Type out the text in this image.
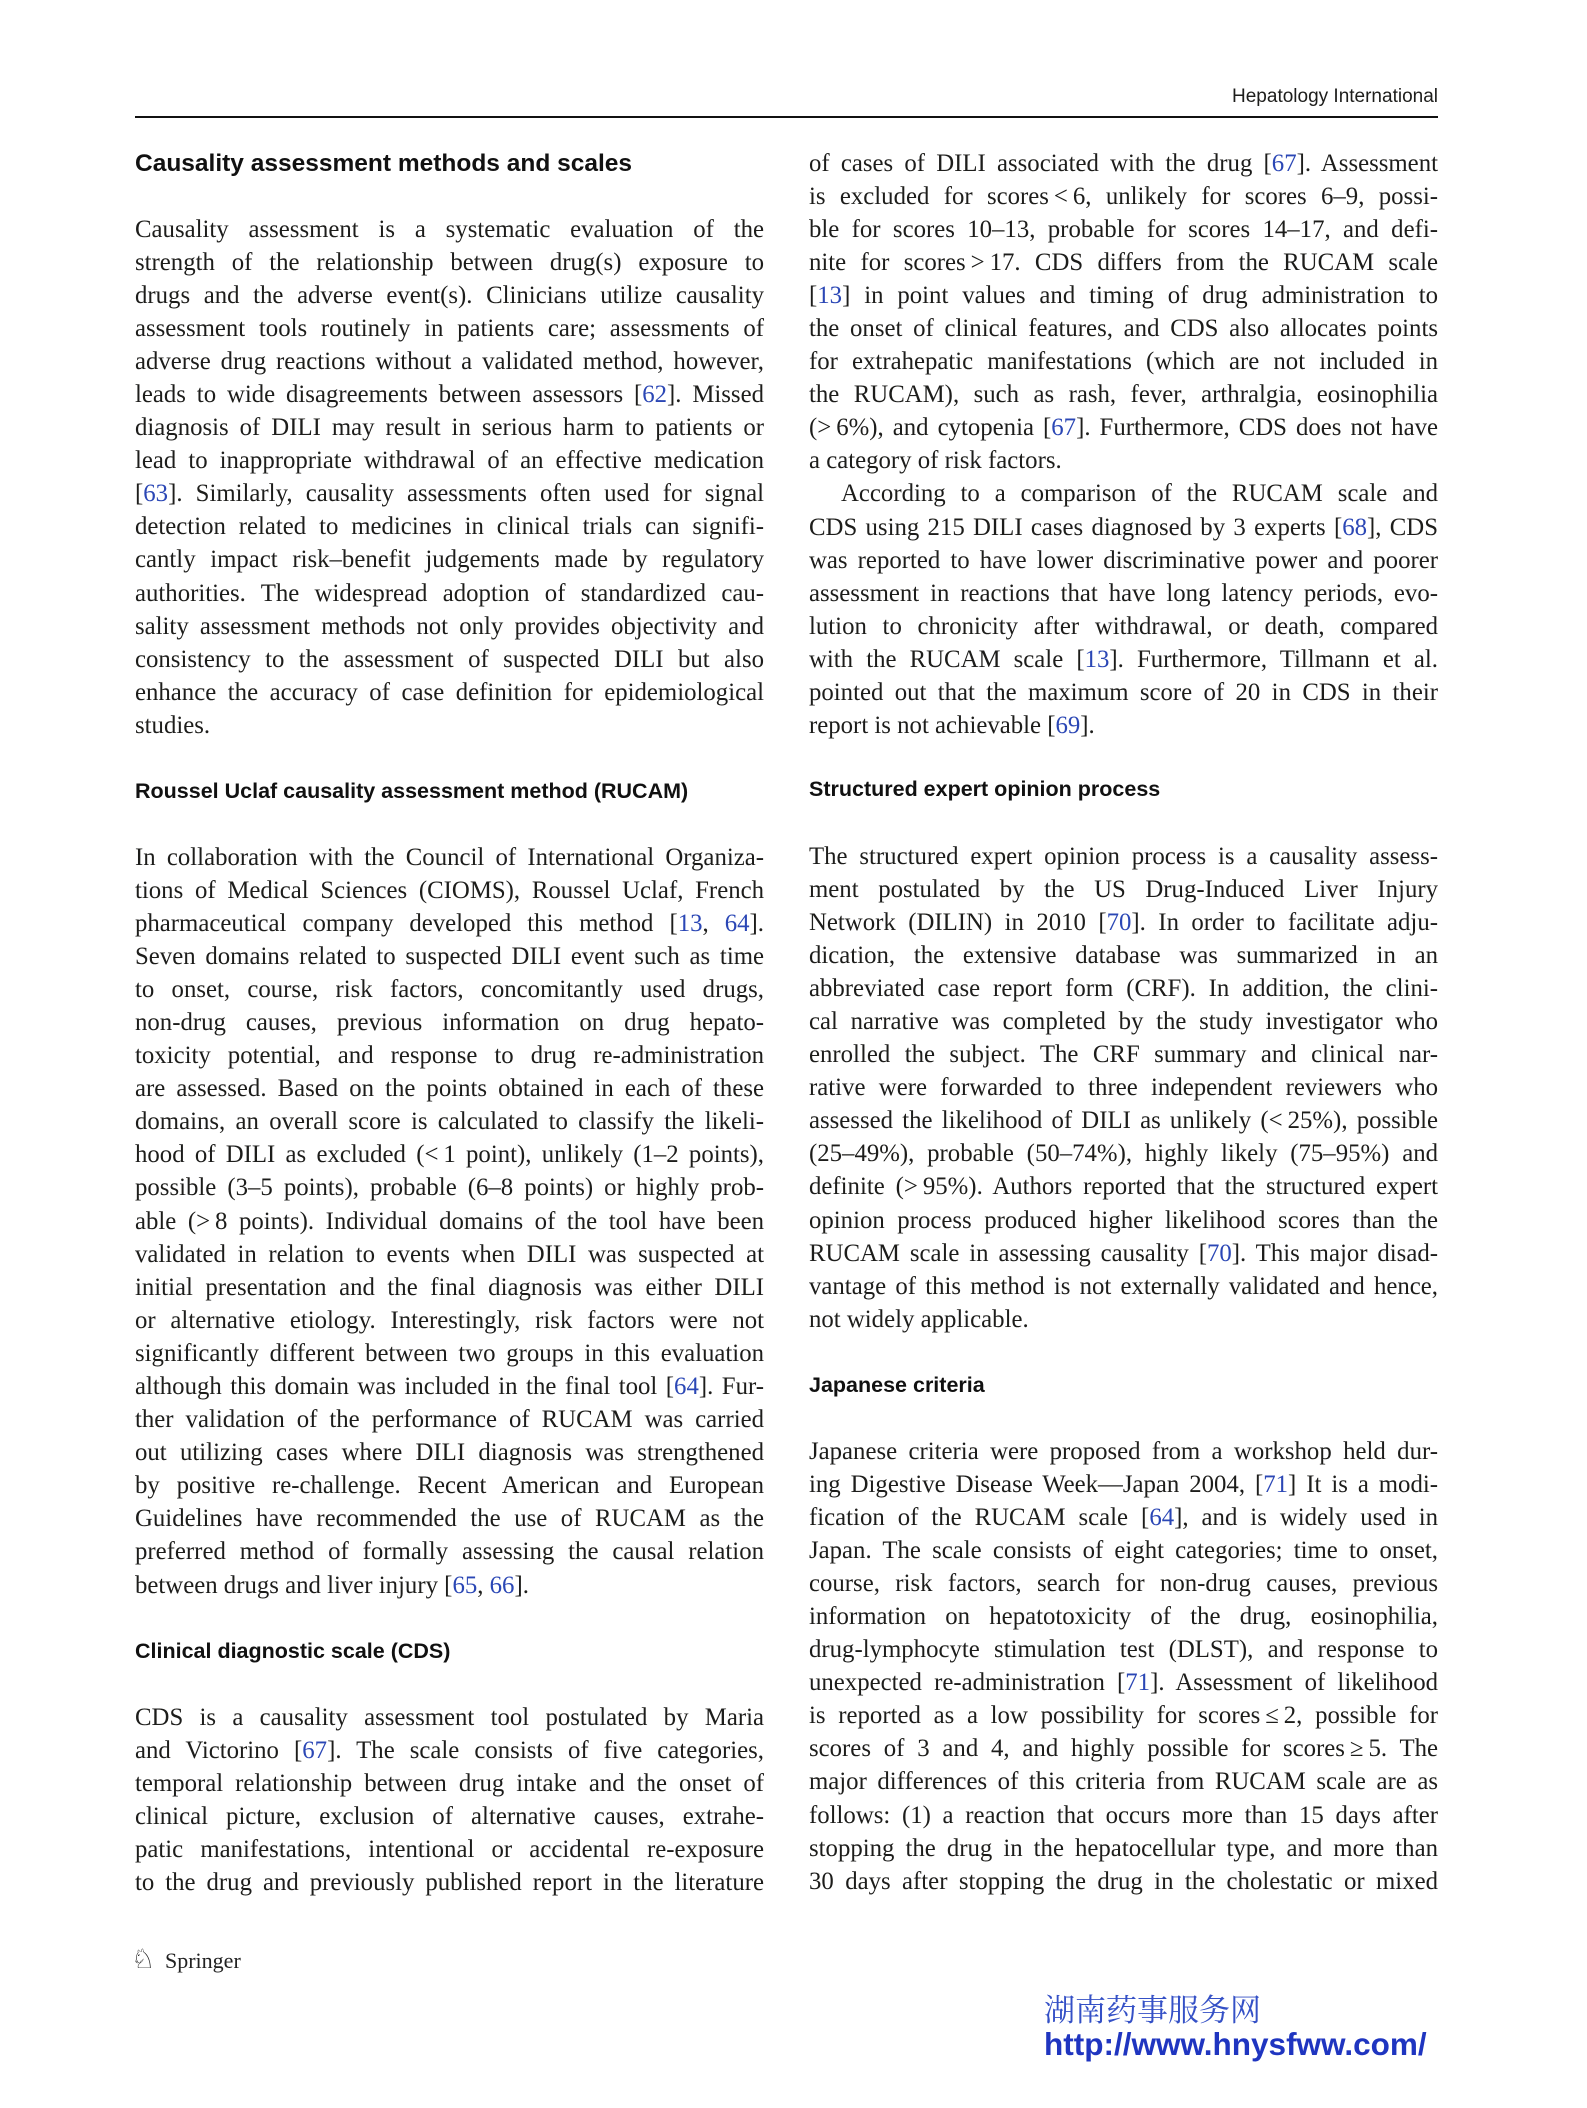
Hepatology International
Causality assessment methods and scales
Causality assessment is a systematic evaluation of the
strength of the relationship between drug(s) exposure to
drugs and the adverse event(s). Clinicians utilize causality
assessment tools routinely in patients care; assessments of
adverse drug reactions without a validated method, however,
leads to wide disagreements between assessors [62]. Missed
diagnosis of DILI may result in serious harm to patients or
lead to inappropriate withdrawal of an effective medication
[63]. Similarly, causality assessments often used for signal
detection related to medicines in clinical trials can signifi-
cantly impact risk–benefit judgements made by regulatory
authorities. The widespread adoption of standardized cau-
sality assessment methods not only provides objectivity and
consistency to the assessment of suspected DILI but also
enhance the accuracy of case definition for epidemiological
studies.
Roussel Uclaf causality assessment method (RUCAM)
In collaboration with the Council of International Organiza-
tions of Medical Sciences (CIOMS), Roussel Uclaf, French
pharmaceutical company developed this method [13, 64].
Seven domains related to suspected DILI event such as time
to onset, course, risk factors, concomitantly used drugs,
non-drug causes, previous information on drug hepato-
toxicity potential, and response to drug re-administration
are assessed. Based on the points obtained in each of these
domains, an overall score is calculated to classify the likeli-
hood of DILI as excluded (< 1 point), unlikely (1–2 points),
possible (3–5 points), probable (6–8 points) or highly prob-
able (> 8 points). Individual domains of the tool have been
validated in relation to events when DILI was suspected at
initial presentation and the final diagnosis was either DILI
or alternative etiology. Interestingly, risk factors were not
significantly different between two groups in this evaluation
although this domain was included in the final tool [64]. Fur-
ther validation of the performance of RUCAM was carried
out utilizing cases where DILI diagnosis was strengthened
by positive re-challenge. Recent American and European
Guidelines have recommended the use of RUCAM as the
preferred method of formally assessing the causal relation
between drugs and liver injury [65, 66].
Clinical diagnostic scale (CDS)
CDS is a causality assessment tool postulated by Maria
and Victorino [67]. The scale consists of five categories,
temporal relationship between drug intake and the onset of
clinical picture, exclusion of alternative causes, extrahe-
patic manifestations, intentional or accidental re-exposure
to the drug and previously published report in the literature
of cases of DILI associated with the drug [67]. Assessment
is excluded for scores < 6, unlikely for scores 6–9, possi-
ble for scores 10–13, probable for scores 14–17, and defi-
nite for scores > 17. CDS differs from the RUCAM scale
[13] in point values and timing of drug administration to
the onset of clinical features, and CDS also allocates points
for extrahepatic manifestations (which are not included in
the RUCAM), such as rash, fever, arthralgia, eosinophilia
(> 6%), and cytopenia [67]. Furthermore, CDS does not have
a category of risk factors.
According to a comparison of the RUCAM scale and
CDS using 215 DILI cases diagnosed by 3 experts [68], CDS
was reported to have lower discriminative power and poorer
assessment in reactions that have long latency periods, evo-
lution to chronicity after withdrawal, or death, compared
with the RUCAM scale [13]. Furthermore, Tillmann et al.
pointed out that the maximum score of 20 in CDS in their
report is not achievable [69].
Structured expert opinion process
The structured expert opinion process is a causality assess-
ment postulated by the US Drug-Induced Liver Injury
Network (DILIN) in 2010 [70]. In order to facilitate adju-
dication, the extensive database was summarized in an
abbreviated case report form (CRF). In addition, the clini-
cal narrative was completed by the study investigator who
enrolled the subject. The CRF summary and clinical nar-
rative were forwarded to three independent reviewers who
assessed the likelihood of DILI as unlikely (< 25%), possible
(25–49%), probable (50–74%), highly likely (75–95%) and
definite (> 95%). Authors reported that the structured expert
opinion process produced higher likelihood scores than the
RUCAM scale in assessing causality [70]. This major disad-
vantage of this method is not externally validated and hence,
not widely applicable.
Japanese criteria
Japanese criteria were proposed from a workshop held dur-
ing Digestive Disease Week—Japan 2004, [71] It is a modi-
fication of the RUCAM scale [64], and is widely used in
Japan. The scale consists of eight categories; time to onset,
course, risk factors, search for non-drug causes, previous
information on hepatotoxicity of the drug, eosinophilia,
drug-lymphocyte stimulation test (DLST), and response to
unexpected re-administration [71]. Assessment of likelihood
is reported as a low possibility for scores ≤ 2, possible for
scores of 3 and 4, and highly possible for scores ≥ 5. The
major differences of this criteria from RUCAM scale are as
follows: (1) a reaction that occurs more than 15 days after
stopping the drug in the hepatocellular type, and more than
30 days after stopping the drug in the cholestatic or mixed
♘
Springer
湖南药事服务网
http://www.hnysfww.com/
